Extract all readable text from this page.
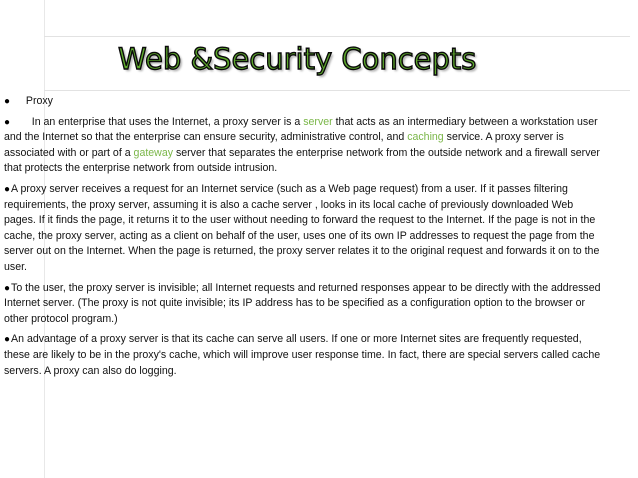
Web &Security Concepts

● Proxy

● In an enterprise that uses the Internet, a proxy server is a server that acts as an intermediary between a workstation user and the Internet so that the enterprise can ensure security, administrative control, and caching service. A proxy server is associated with or part of a gateway server that separates the enterprise network from the outside network and a firewall server that protects the enterprise network from outside intrusion.

●A proxy server receives a request for an Internet service (such as a Web page request) from a user. If it passes filtering requirements, the proxy server, assuming it is also a cache server , looks in its local cache of previously downloaded Web pages. If it finds the page, it returns it to the user without needing to forward the request to the Internet. If the page is not in the cache, the proxy server, acting as a client on behalf of the user, uses one of its own IP addresses to request the page from the server out on the Internet. When the page is returned, the proxy server relates it to the original request and forwards it on to the user.

●To the user, the proxy server is invisible; all Internet requests and returned responses appear to be directly with the addressed Internet server. (The proxy is not quite invisible; its IP address has to be specified as a configuration option to the browser or other protocol program.)

●An advantage of a proxy server is that its cache can serve all users. If one or more Internet sites are frequently requested, these are likely to be in the proxy's cache, which will improve user response time. In fact, there are special servers called cache servers. A proxy can also do logging.
